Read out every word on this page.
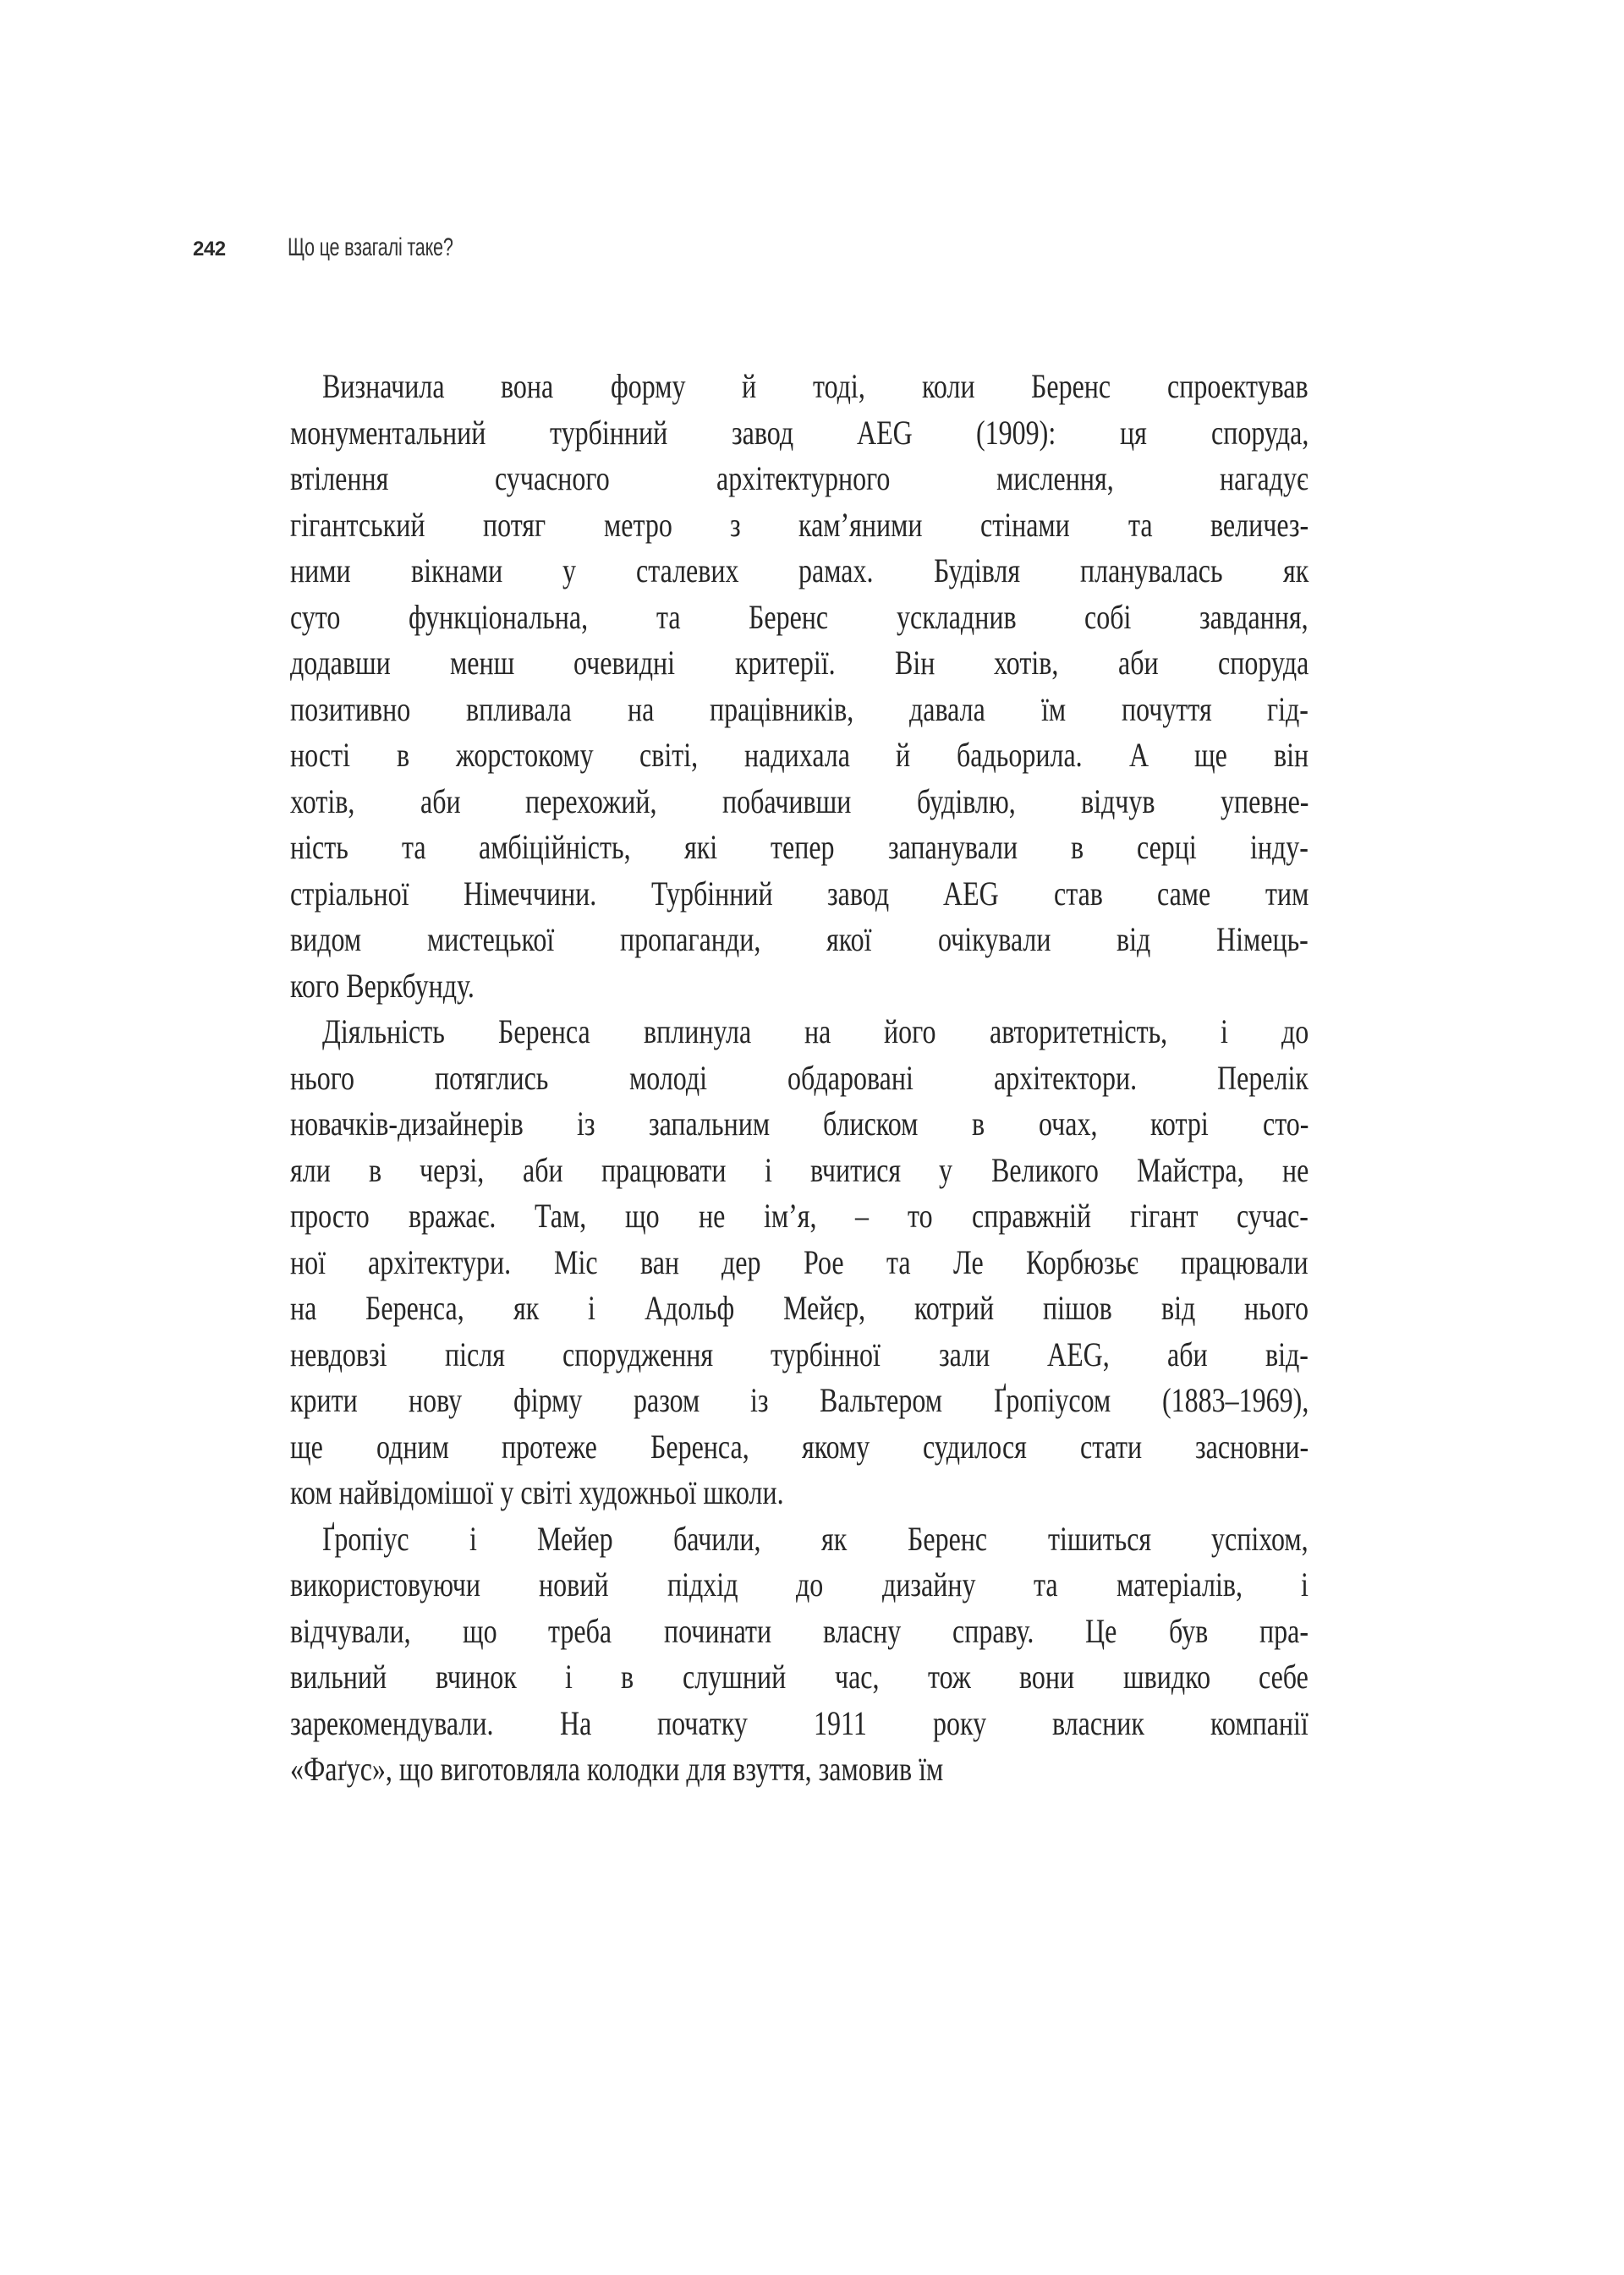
242	Що це взагалі таке?
Визначила вона форму й тоді, коли Беренс спроектував
монументальний турбінний завод AEG (1909): ця споруда,
втілення	сучасного	архітектурного	мислення,	нагадує
гігантський потяг метро з кам’яними стінами та величез-
ними вікнами у сталевих рамах. Будівля планувалась як
суто функціональна, та Беренс ускладнив собі завдання,
додавши менш очевидні критерії. Він хотів, аби споруда
позитивно впливала на працівників, давала їм почуття гід-
ності в жорстокому світі, надихала й бадьорила. А ще він
хотів, аби перехожий, побачивши будівлю, відчув упевне-
ність та амбіційність, які тепер запанували в серці інду-
стріальної Німеччини. Турбінний завод AEG став саме тим
видом мистецької пропаганди, якої очікували від Німець-
кого Веркбунду.
Діяльність Беренса вплинула на його авторитетність, і до
нього потяглись молоді обдаровані архітектори. Перелік
новачків-дизайнерів із запальним блиском в очах, котрі сто-
яли в черзі, аби працювати і вчитися у Великого Майстра, не
просто вражає. Там, що не ім’я, – то справжній гігант сучас-
ної архітектури. Міс ван дер Рое та Ле Корбюзьє працювали
на Беренса, як і Адольф Мейєр, котрий пішов від нього
невдовзі після спорудження турбінної зали AEG, аби від-
крити нову фірму разом із Вальтером Ґропіусом (1883–1969),
ще одним протеже Беренса, якому судилося стати засновни-
ком найвідомішої у світі художньої школи.
Ґропіус і Мейер бачили, як Беренс тішиться успіхом,
використовуючи новий підхід до дизайну та матеріалів, і
відчували, що треба починати власну справу. Це був пра-
вильний вчинок і в слушний час, тож вони швидко себе
зарекомендували. На початку 1911 року власник компанії
«Фаґус», що виготовляла колодки для взуття, замовив їм
